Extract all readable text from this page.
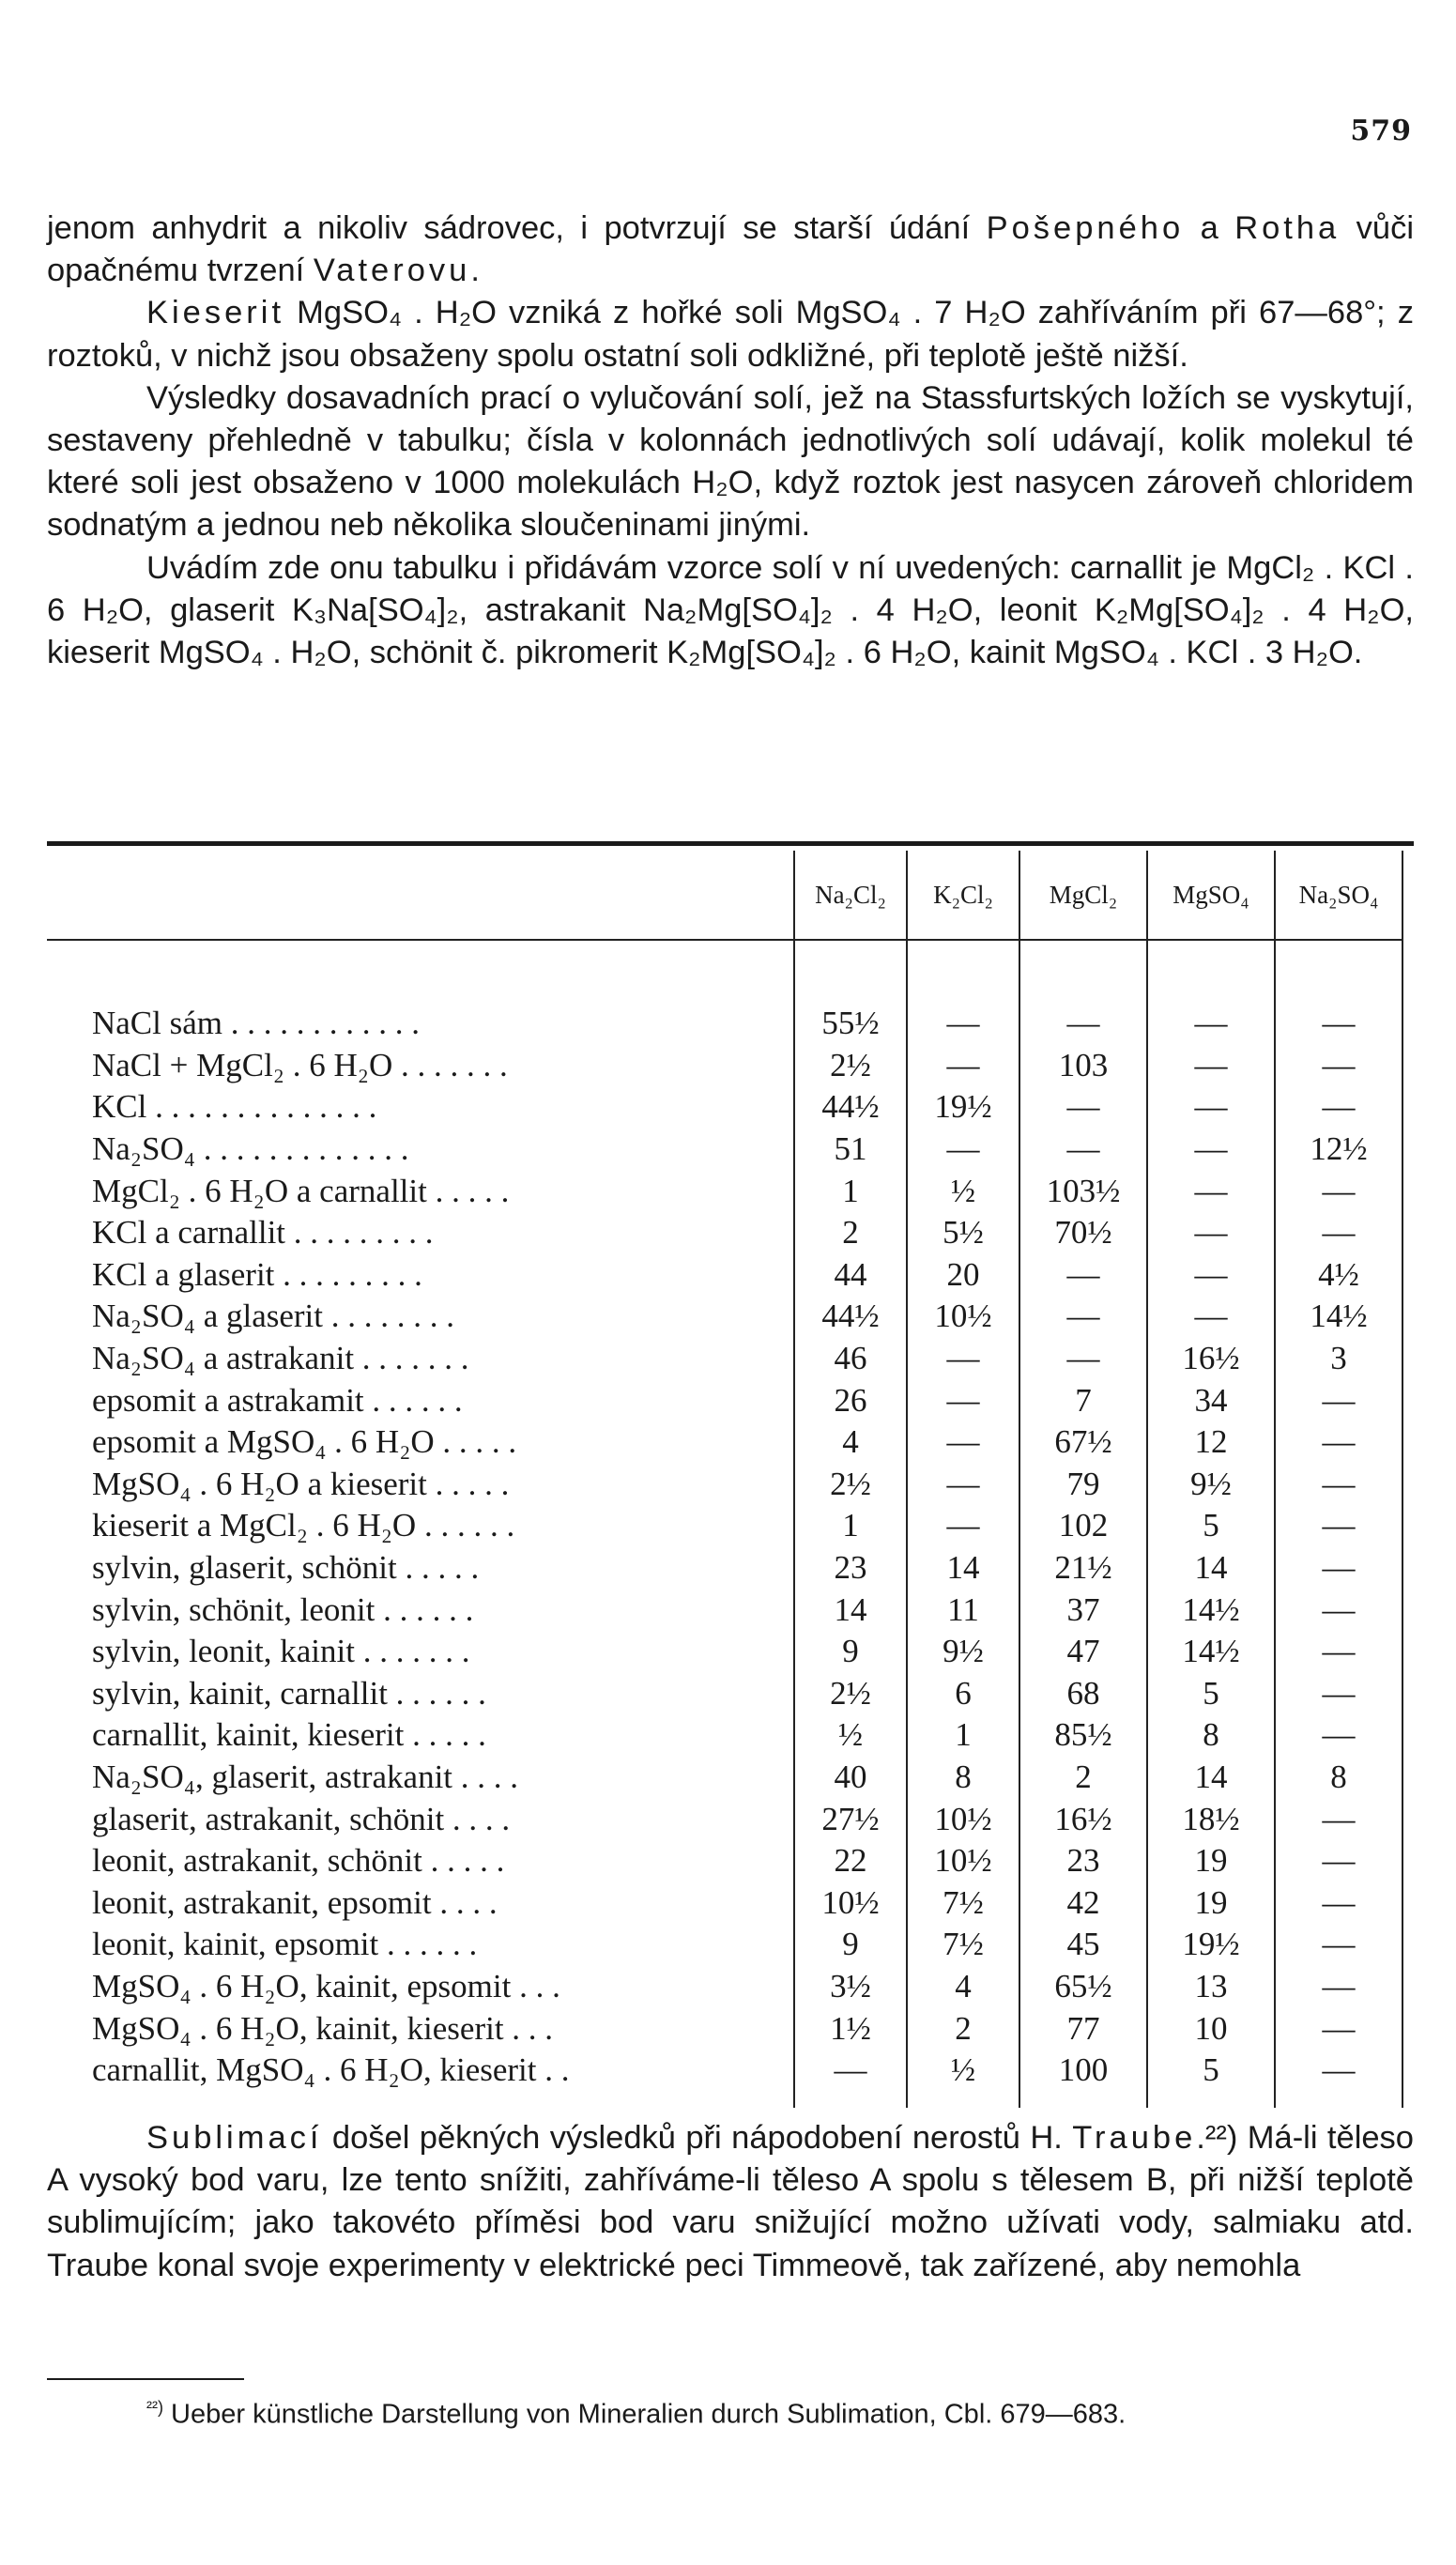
579

jenom anhydrit a nikoliv sádrovec, i potvrzují se starší údání Pošepného a Rotha vůči opačnému tvrzení Vaterovu.

Kieserit MgSO₄ . H₂O vzniká z hořké soli MgSO₄ . 7 H₂O zahříváním při 67—68°; z roztoků, v nichž jsou obsaženy spolu ostatní soli odkližné, při teplotě ještě nižší.

Výsledky dosavadních prací o vylučování solí, jež na Stassfurtských ložích se vyskytují, sestaveny přehledně v tabulku; čísla v kolonnách jednotlivých solí udávají, kolik molekul té které soli jest obsaženo v 1000 molekulách H₂O, když roztok jest nasycen zároveň chloridem sodnatým a jednou neb několika sloučeninami jinými.

Uvádím zde onu tabulku i přidávám vzorce solí v ní uvedených: carnallit je MgCl₂ . KCl . 6 H₂O, glaserit K₃Na[SO₄]₂, astrakanit Na₂Mg[SO₄]₂ . 4 H₂O, leonit K₂Mg[SO₄]₂ . 4 H₂O, kieserit MgSO₄ . H₂O, schönit č. pikromerit K₂Mg[SO₄]₂ . 6 H₂O, kainit MgSO₄ . KCl . 3 H₂O.

	Na₂Cl₂	K₂Cl₂	MgCl₂	MgSO₄	Na₂SO₄	

NaCl sám . . . . . . . . . . . .	55½	—	—	—	—	
NaCl + MgCl₂ . 6 H₂O . . . . . . .	2½	—	103	—	—	
KCl . . . . . . . . . . . . . .	44½	19½	—	—	—	
Na₂SO₄ . . . . . . . . . . . . .	51	—	—	—	12½	
MgCl₂ . 6 H₂O a carnallit . . . . .	1	½	103½	—	—	
KCl a carnallit . . . . . . . . .	2	5½	70½	—	—	
KCl a glaserit . . . . . . . . .	44	20	—	—	4½	
Na₂SO₄ a glaserit . . . . . . . .	44½	10½	—	—	14½	
Na₂SO₄ a astrakanit . . . . . . .	46	—	—	16½	3	
epsomit a astrakamit . . . . . .	26	—	7	34	—	
epsomit a MgSO₄ . 6 H₂O . . . . .	4	—	67½	12	—	
MgSO₄ . 6 H₂O a kieserit . . . . .	2½	—	79	9½	—	
kieserit a MgCl₂ . 6 H₂O . . . . . .	1	—	102	5	—	
sylvin, glaserit, schönit . . . . .	23	14	21½	14	—	
sylvin, schönit, leonit . . . . . .	14	11	37	14½	—	
sylvin, leonit, kainit . . . . . . .	9	9½	47	14½	—	
sylvin, kainit, carnallit . . . . . .	2½	6	68	5	—	
carnallit, kainit, kieserit . . . . .	½	1	85½	8	—	
Na₂SO₄, glaserit, astrakanit . . . .	40	8	2	14	8	
glaserit, astrakanit, schönit . . . .	27½	10½	16½	18½	—	
leonit, astrakanit, schönit . . . . .	22	10½	23	19	—	
leonit, astrakanit, epsomit . . . .	10½	7½	42	19	—	
leonit, kainit, epsomit . . . . . .	9	7½	45	19½	—	
MgSO₄ . 6 H₂O, kainit, epsomit . . .	3½	4	65½	13	—	
MgSO₄ . 6 H₂O, kainit, kieserit . . .	1½	2	77	10	—	
carnallit, MgSO₄ . 6 H₂O, kieserit . .	—	½	100	5	—	

Sublimací došel pěkných výsledků při nápodobení nerostů H. Traube.²²) Má-li těleso A vysoký bod varu, lze tento snížiti, zahříváme-li těleso A spolu s tělesem B, při nižší teplotě sublimujícím; jako takovéto příměsi bod varu snižující možno užívati vody, salmiaku atd. Traube konal svoje experimenty v elektrické peci Timmeově, tak zařízené, aby nemohla

$^{^{22})}$ Ueber künstliche Darstellung von Mineralien durch Sublimation, Cbl. 679—683.
